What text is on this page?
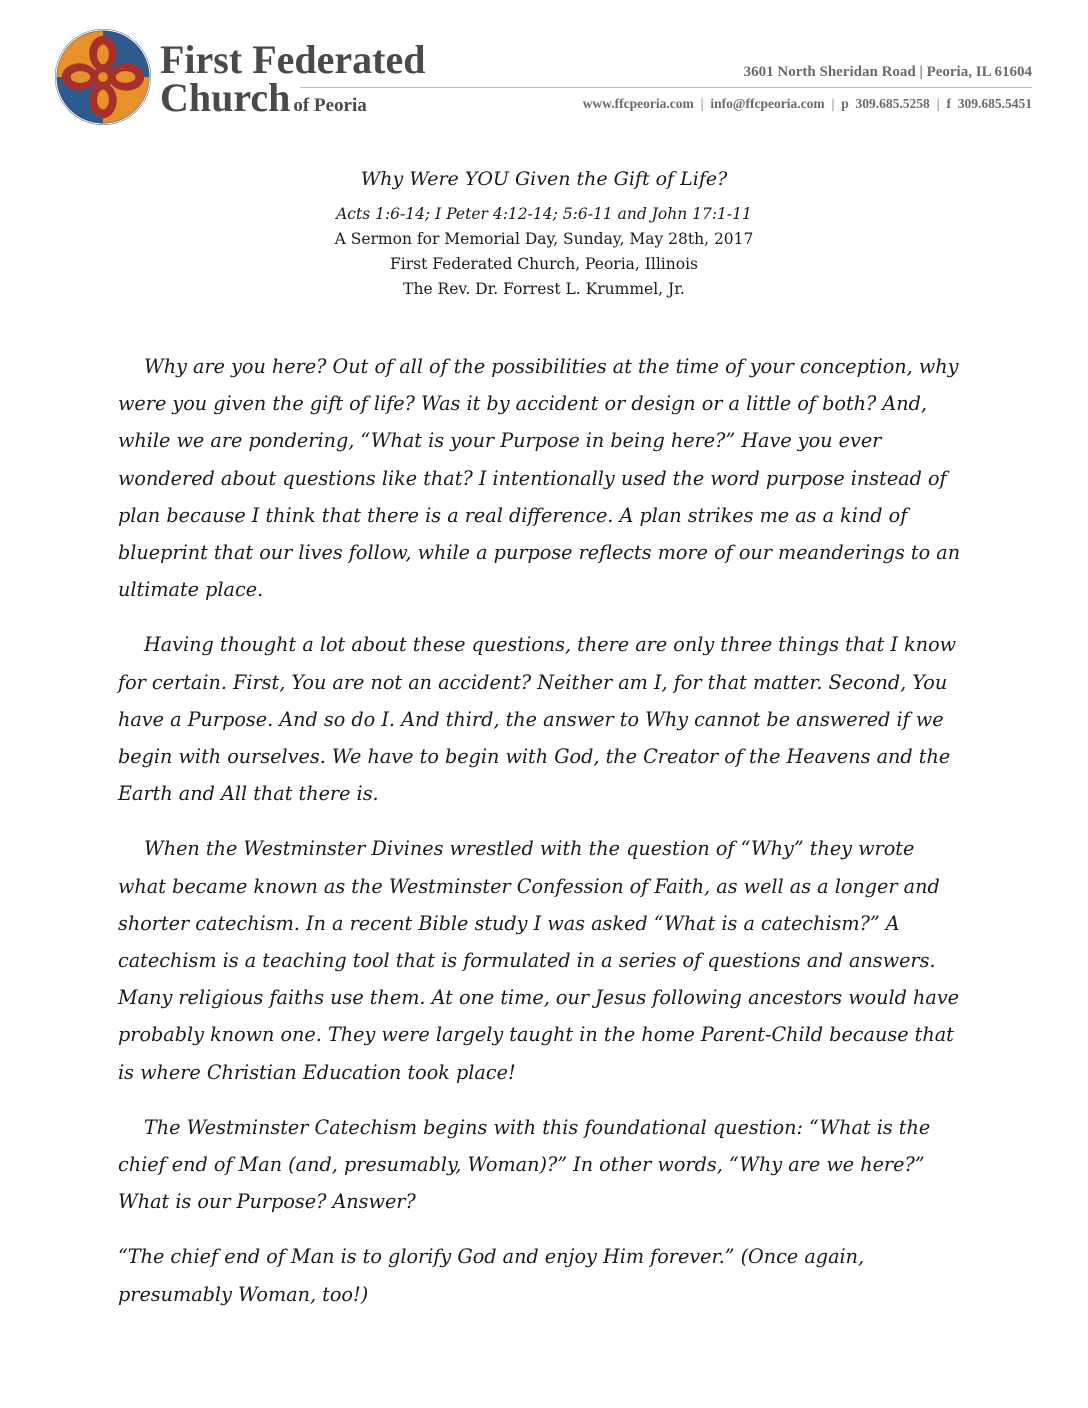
First Federated
Church of Peoria
3601 North Sheridan Road | Peoria, IL 61604
www.ffcpeoria.com | info@ffcpeoria.com | p 309.685.5258 | f 309.685.5451

Why Were YOU Given the Gift of Life?

Acts 1:6-14; I Peter 4:12-14; 5:6-11 and John 17:1-11

A Sermon for Memorial Day, Sunday, May 28th, 2017

First Federated Church, Peoria, Illinois

The Rev. Dr. Forrest L. Krummel, Jr.

Why are you here? Out of all of the possibilities at the time of your conception, why were you given the gift of life? Was it by accident or design or a little of both? And, while we are pondering, “What is your Purpose in being here?” Have you ever wondered about questions like that? I intentionally used the word purpose instead of plan because I think that there is a real difference. A plan strikes me as a kind of blueprint that our lives follow, while a purpose reflects more of our meanderings to an ultimate place.

Having thought a lot about these questions, there are only three things that I know for certain. First, You are not an accident? Neither am I, for that matter. Second, You have a Purpose. And so do I. And third, the answer to Why cannot be answered if we begin with ourselves. We have to begin with God, the Creator of the Heavens and the Earth and All that there is.

When the Westminster Divines wrestled with the question of “Why” they wrote what became known as the Westminster Confession of Faith, as well as a longer and shorter catechism. In a recent Bible study I was asked “What is a catechism?” A catechism is a teaching tool that is formulated in a series of questions and answers. Many religious faiths use them. At one time, our Jesus following ancestors would have probably known one. They were largely taught in the home Parent-Child because that is where Christian Education took place!

The Westminster Catechism begins with this foundational question: “What is the chief end of Man (and, presumably, Woman)?” In other words, “Why are we here?” What is our Purpose? Answer?

“The chief end of Man is to glorify God and enjoy Him forever.” (Once again, presumably Woman, too!)
